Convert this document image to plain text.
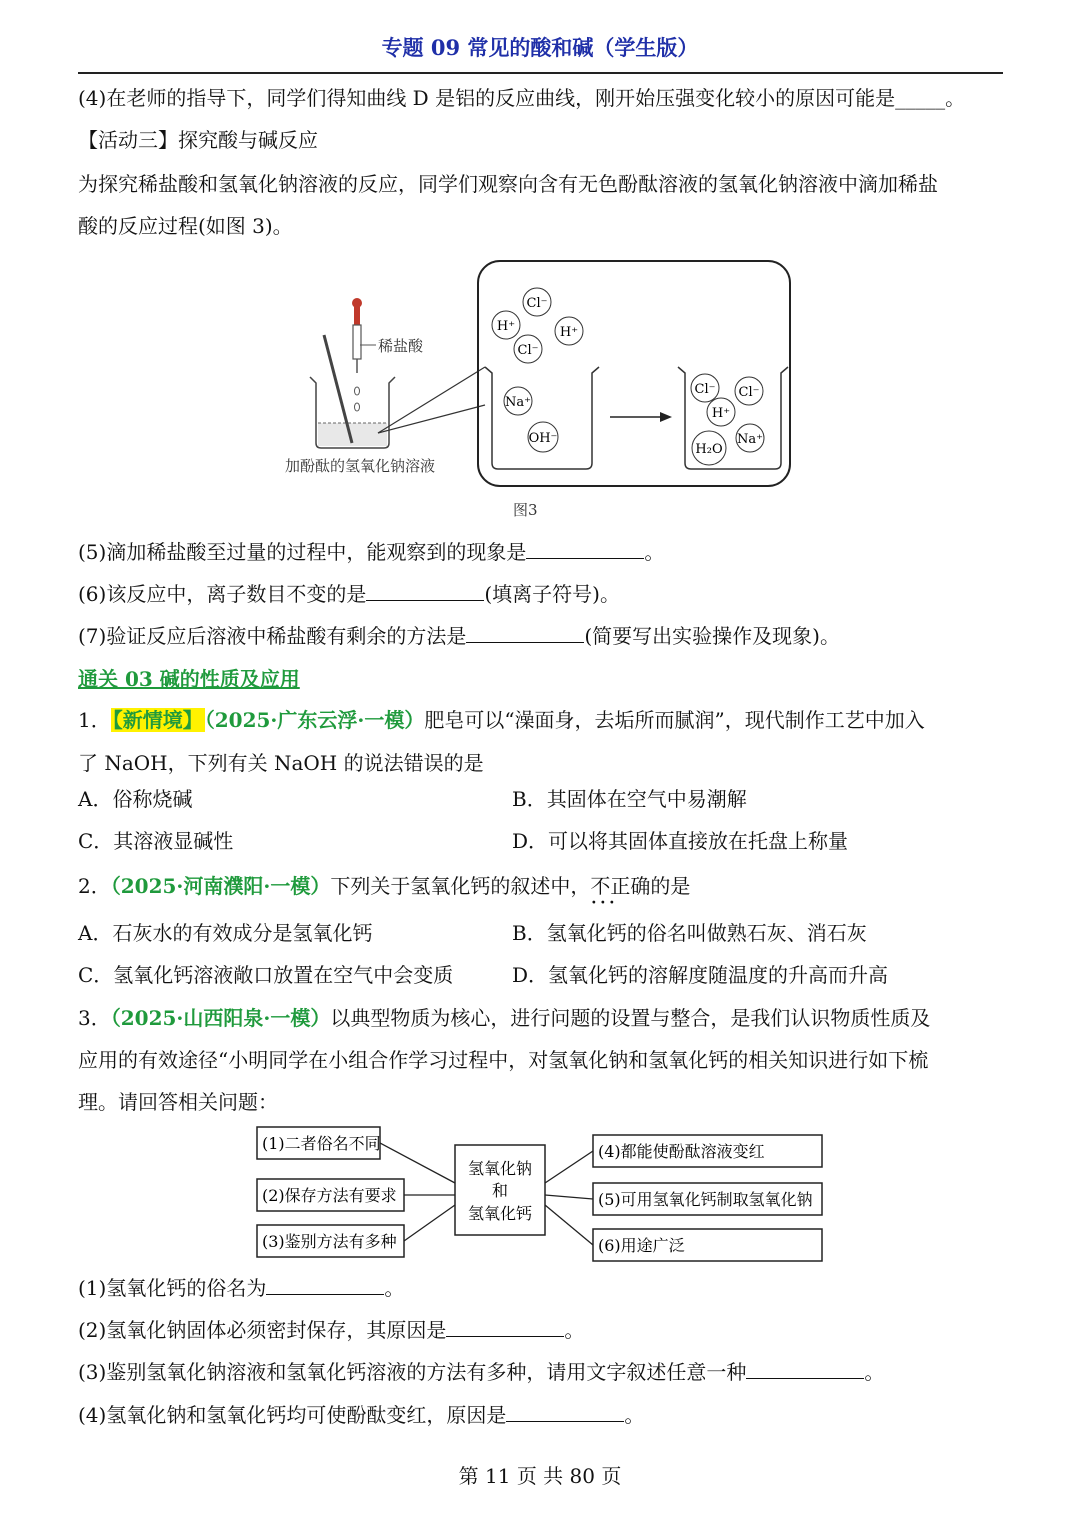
专题 09 常见的酸和碱（学生版）
(4)在老师的指导下，同学们得知曲线 D 是铝的反应曲线，刚开始压强变化较小的原因可能是_____。
【活动三】探究酸与碱反应
为探究稀盐酸和氢氧化钠溶液的反应，同学们观察向含有无色酚酞溶液的氢氧化钠溶液中滴加稀盐
酸的反应过程(如图 3)。
稀盐酸
加酚酞的氢氧化钠溶液
Cl⁻
H⁺	H⁺
Cl⁻
Na⁺
OH⁻
Cl⁻ Cl⁻
H⁺
H₂O
Na⁺
图3
(5)滴加稀盐酸至过量的过程中，能观察到的现象是	。
(6)该反应中，离子数目不变的是	(填离子符号)。
(7)验证反应后溶液中稀盐酸有剩余的方法是	(简要写出实验操作及现象)。
通关 03 碱的性质及应用
1． 【新情境】 （2025·广东云浮·一模）肥皂可以“澡面身，去垢所而腻润”，现代制作工艺中加入
了 NaOH，下列有关 NaOH 的说法错误的是
A．俗称烧碱	B．其固体在空气中易潮解
C．其溶液显碱性	D．可以将其固体直接放在托盘上称量
2．（2025·河南濮阳·一模）下列关于氢氧化钙的叙述中，不正确 ···的是
A．石灰水的有效成分是氢氧化钙	B．氢氧化钙的俗名叫做熟石灰、消石灰
C．氢氧化钙溶液敞口放置在空气中会变质	D．氢氧化钙的溶解度随温度的升高而升高
3．（2025·山西阳泉·一模）以典型物质为核心，进行问题的设置与整合，是我们认识物质性质及
应用的有效途径“小明同学在小组合作学习过程中，对氢氧化钠和氢氧化钙的相关知识进行如下梳
理。请回答相关问题：
(1)二者俗名不同
(2)保存方法有要求
(3)鉴别方法有多种
氢氧化钠
和
氢氧化钙
(4)都能使酚酞溶液变红
(5)可用氢氧化钙制取氢氧化钠
(6)用途广泛
(1)氢氧化钙的俗名为	。
(2)氢氧化钠固体必须密封保存，其原因是	。
(3)鉴别氢氧化钠溶液和氢氧化钙溶液的方法有多种，请用文字叙述任意一种	。
(4)氢氧化钠和氢氧化钙均可使酚酞变红，原因是	。
第 11 页 共 80 页
